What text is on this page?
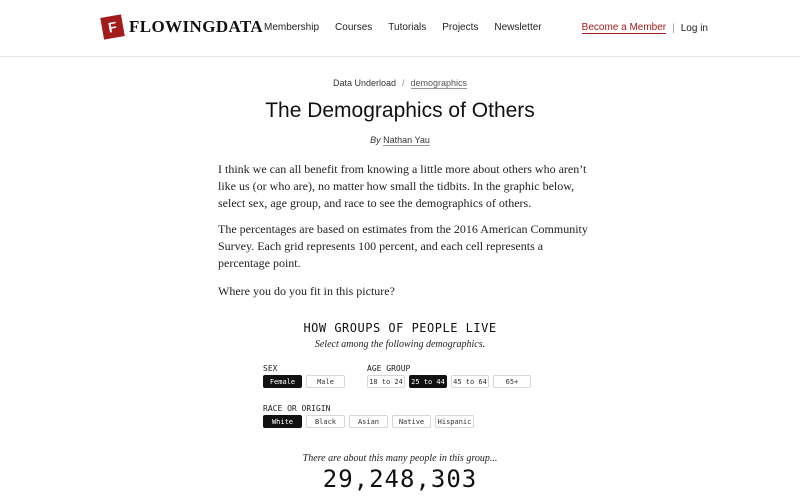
F FLOWINGDATA Membership Courses Tutorials Projects Newsletter	Become a Member | Log in
Data Underload / demographics
The Demographics of Others
By Nathan Yau

I think we can all benefit from knowing a little more about others who aren’t like us (or who are), no matter how small the tidbits. In the graphic below, select sex, age group, and race to see the demographics of others.

The percentages are based on estimates from the 2016 American Community Survey. Each grid represents 100 percent, and each cell represents a percentage point.

Where you do you fit in this picture?

HOW GROUPS OF PEOPLE LIVE
Select among the following demographics.
SEX
Female	Male
AGE GROUP
18 to 24	25 to 44	45 to 64	65+
RACE OR ORIGIN
White	Black	Asian	Native	Hispanic
There are about this many people in this group...
29,248,303
